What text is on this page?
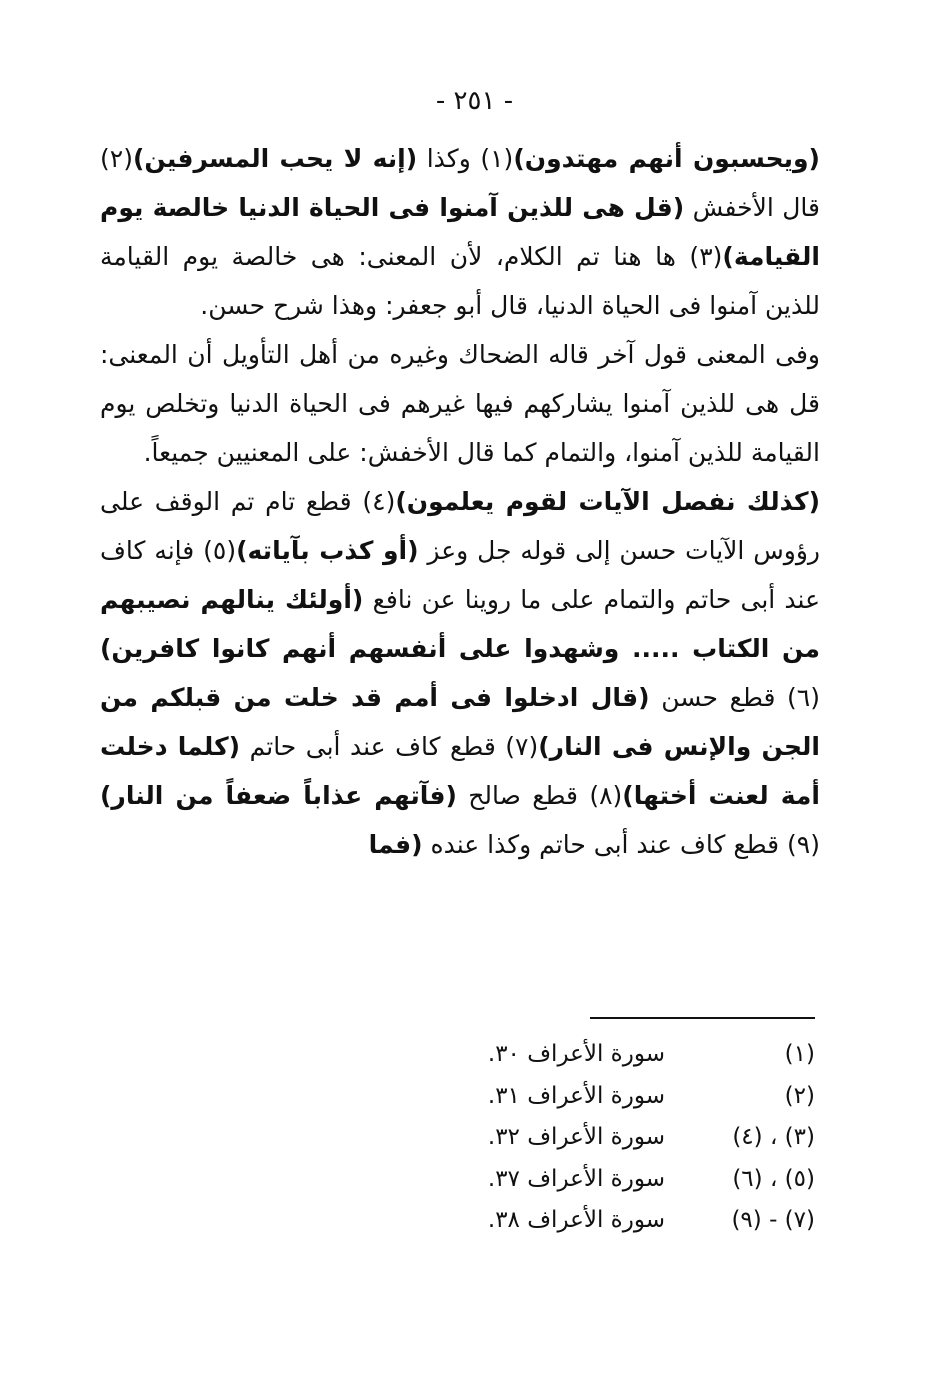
- ٢٥١ -

(ويحسبون أنهم مهتدون)(١) وكذا (إنه لا يحب المسرفين)(٢) قال الأخفش (قل هى للذين آمنوا فى الحياة الدنيا خالصة يوم القيامة)(٣) ها هنا تم الكلام، لأن المعنى: هى خالصة يوم القيامة للذين آمنوا فى الحياة الدنيا، قال أبو جعفر: وهذا شرح حسن.

وفى المعنى قول آخر قاله الضحاك وغيره من أهل التأويل أن المعنى: قل هى للذين آمنوا يشاركهم فيها غيرهم فى الحياة الدنيا وتخلص يوم القيامة للذين آمنوا، والتمام كما قال الأخفش: على المعنيين جميعاً.

(كذلك نفصل الآيات لقوم يعلمون)(٤) قطع تام تم الوقف على رؤوس الآيات حسن إلى قوله جل وعز (أو كذب بآياته)(٥) فإنه كاف عند أبى حاتم والتمام على ما روينا عن نافع (أولئك ينالهم نصيبهم من الكتاب ..... وشهدوا على أنفسهم أنهم كانوا كافرين)(٦) قطع حسن (قال ادخلوا فى أمم قد خلت من قبلكم من الجن والإنس فى النار)(٧) قطع كاف عند أبى حاتم (كلما دخلت أمة لعنت أختها)(٨) قطع صالح (فآتهم عذاباً ضعفاً من النار)(٩) قطع كاف عند أبى حاتم وكذا عنده (فما

(١)
سورة الأعراف ٣٠.
(٢)
سورة الأعراف ٣١.
(٣) ، (٤)
سورة الأعراف ٣٢.
(٥) ، (٦)
سورة الأعراف ٣٧.
(٧) - (٩)
سورة الأعراف ٣٨.
